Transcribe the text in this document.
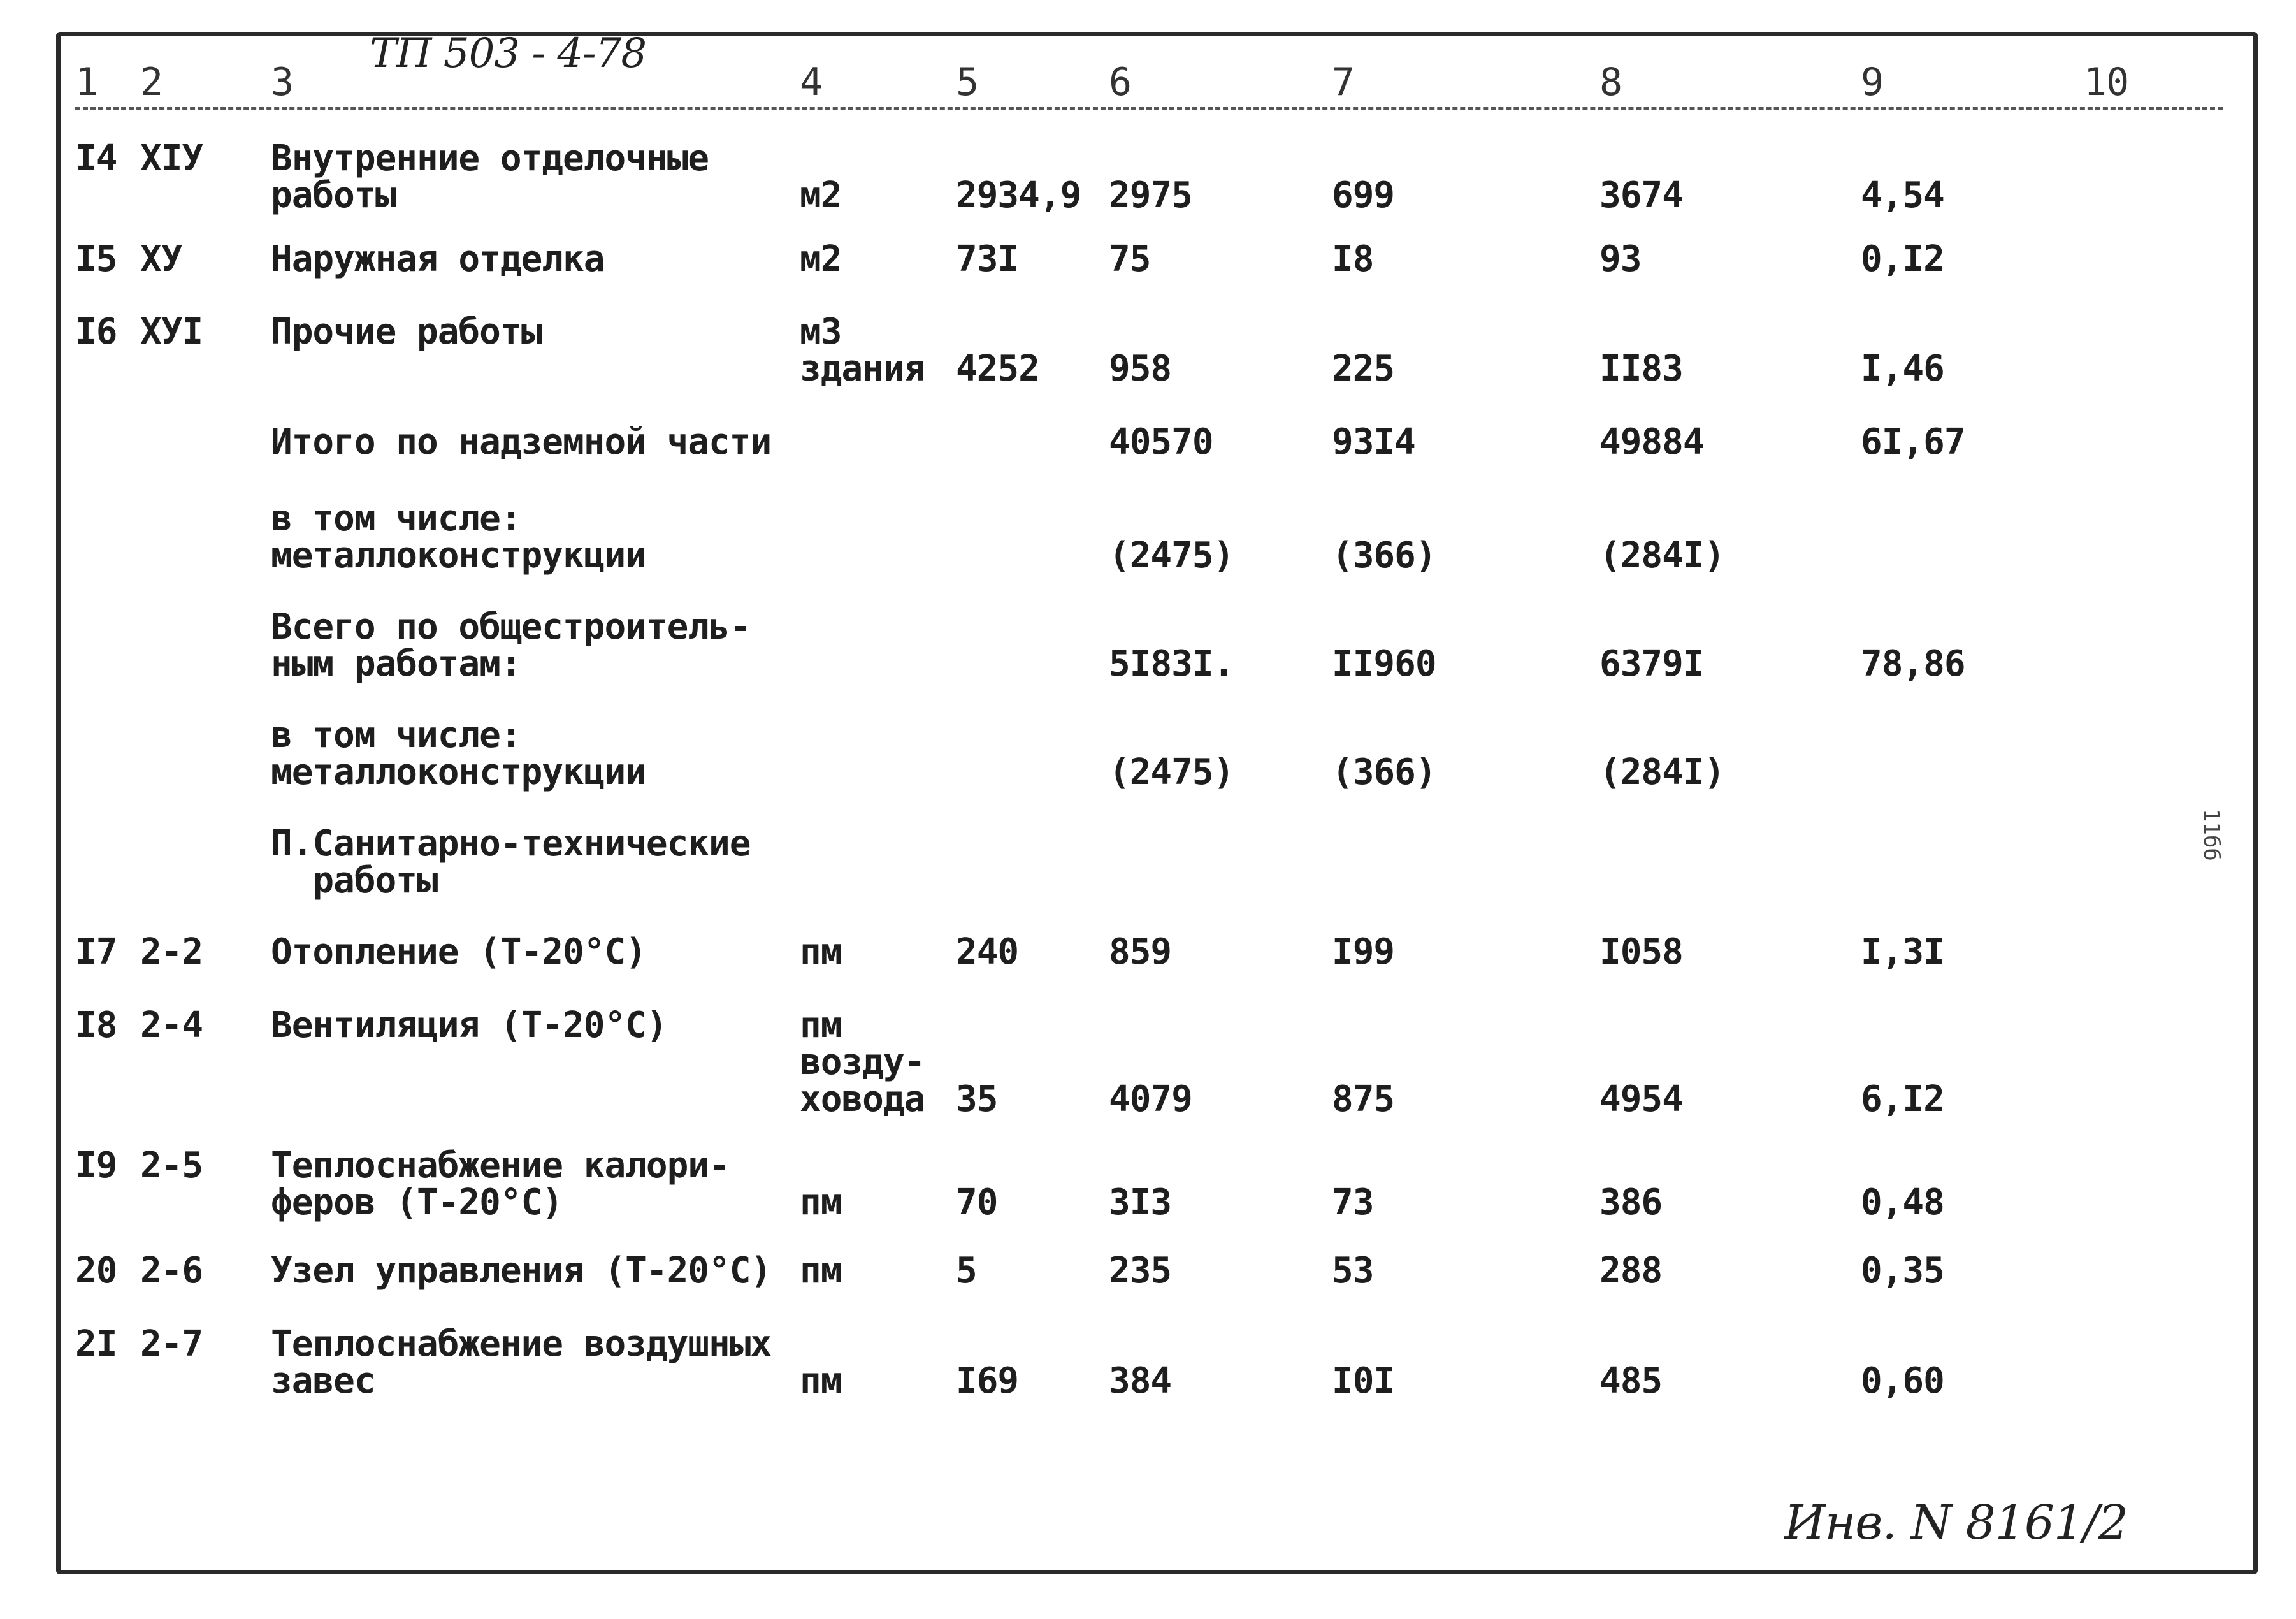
ТП 503 - 4-78
1 2	3	4	5	6	7	8	9	10
I4 XIУ Внутренние отделочные
работы	м2	2934,9 2975	699	3674	4,54
I5 XУ Наружная отделка	м2	73I	75	I8	93	0,I2
I6 XУI Прочие работы	м3
здания 4252 958	225	II83	I,46
Итого по надземной части	40570	93I4	49884	6I,67
в том числе:
металлоконструкции	(2475)	(366)	(284I)
Всего по общестроитель-
ным работам:	5I83I.	II960	6379I	78,86
в том числе:
металлоконструкции	(2475)	(366)	(284I)
П.Санитарно-технические
работы
I7 2-2 Отопление (Т-20°С)	пм	240	859	I99	I058	I,3I
I8 2-4 Вентиляция (Т-20°С)	пм
возду-
ховода 35	4079	875	4954	6,I2
I9 2-5 Теплоснабжение калори-
феров (Т-20°С)	пм	70	3I3	73	386	0,48
20 2-6 Узел управления (Т-20°С) пм	5	235	53	288	0,35
2I 2-7 Теплоснабжение воздушных
завес	пм	I69	384	I0I	485	0,60
11бб
Инв. N 8161/2
